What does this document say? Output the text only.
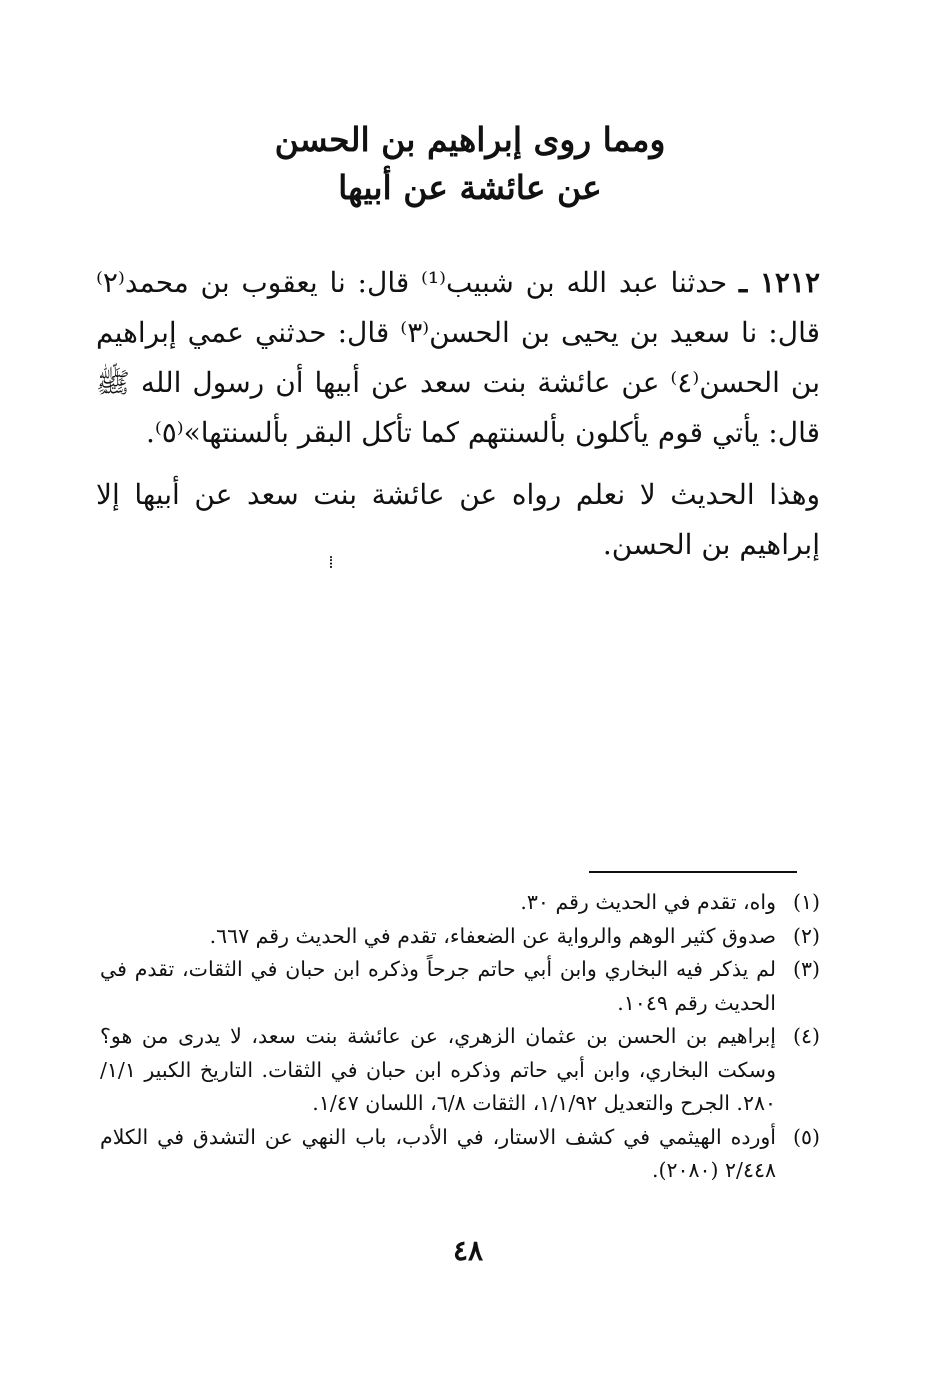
ومما روى إبراهيم بن الحسن
عن عائشة عن أبيها

١٢١٢ ـ حدثنا عبد الله بن شبيب⁽¹⁾ قال: نا يعقوب بن محمد⁽٢⁾ قال: نا سعيد بن يحيى بن الحسن⁽٣⁾ قال: حدثني عمي إبراهيم بن الحسن⁽٤⁾ عن عائشة بنت سعد عن أبيها أن رسول الله ﷺ قال: يأتي قوم يأكلون بألسنتهم كما تأكل البقر بألسنتها»⁽٥⁾.

وهذا الحديث لا نعلم رواه عن عائشة بنت سعد عن أبيها إلا إبراهيم بن الحسن.

⁞

(١)
واه، تقدم في الحديث رقم ٣٠.

(٢)
صدوق كثير الوهم والرواية عن الضعفاء، تقدم في الحديث رقم ٦٦٧.

(٣)
لم يذكر فيه البخاري وابن أبي حاتم جرحاً وذكره ابن حبان في الثقات، تقدم في الحديث رقم ١٠٤٩.

(٤)
إبراهيم بن الحسن بن عثمان الزهري، عن عائشة بنت سعد، لا يدرى من هو؟ وسكت البخاري، وابن أبي حاتم وذكره ابن حبان في الثقات. التاريخ الكبير ١/١/ ٢٨٠. الجرح والتعديل ١/١/٩٢، الثقات ٦/٨، اللسان ١/٤٧.

(٥)
أورده الهيثمي في كشف الاستار، في الأدب، باب النهي عن التشدق في الكلام ٢/٤٤٨ (٢٠٨٠).

٤٨
